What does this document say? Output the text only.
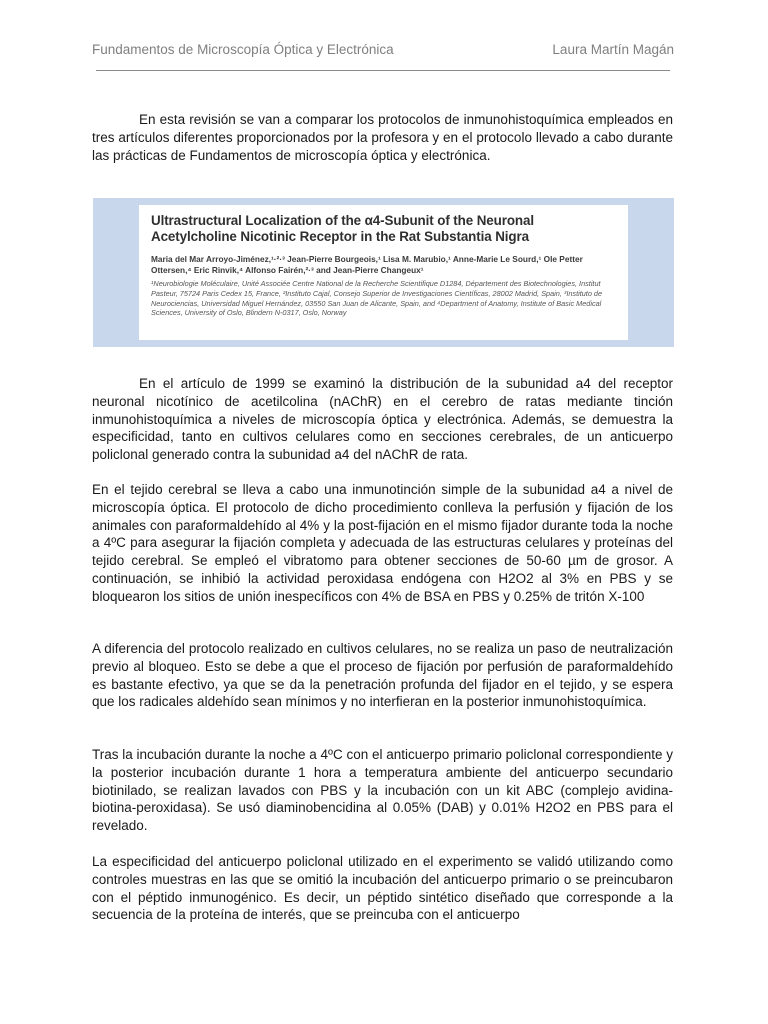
Fundamentos de Microscopía Óptica y Electrónica	Laura Martín Magán

En esta revisión se van a comparar los protocolos de inmunohistoquímica empleados en tres artículos diferentes proporcionados por la profesora y en el protocolo llevado a cabo durante las prácticas de Fundamentos de microscopía óptica y electrónica.

Ultrastructural Localization of the α4-Subunit of the Neuronal Acetylcholine Nicotinic Receptor in the Rat Substantia Nigra

Maria del Mar Arroyo-Jiménez,¹·²·³ Jean-Pierre Bourgeois,¹ Lisa M. Marubio,¹ Anne-Marie Le Sourd,¹ Ole Petter Ottersen,⁴ Eric Rinvik,⁴ Alfonso Fairén,²·³ and Jean-Pierre Changeux¹

¹Neurobiologie Moléculaire, Unité Associée Centre National de la Recherche Scientifique D1284, Département des Biotechnologies, Institut Pasteur, 75724 Paris Cedex 15, France, ²Instituto Cajal, Consejo Superior de Investigaciones Científicas, 28002 Madrid, Spain, ³Instituto de Neurociencias, Universidad Miguel Hernández, 03550 San Juan de Alicante, Spain, and ⁴Department of Anatomy, Institute of Basic Medical Sciences, University of Oslo, Blindern N-0317, Oslo, Norway

En el artículo de 1999 se examinó la distribución de la subunidad a4 del receptor neuronal nicotínico de acetilcolina (nAChR) en el cerebro de ratas mediante tinción inmunohistoquímica a niveles de microscopía óptica y electrónica. Además, se demuestra la especificidad, tanto en cultivos celulares como en secciones cerebrales, de un anticuerpo policlonal generado contra la subunidad a4 del nAChR de rata.

En el tejido cerebral se lleva a cabo una inmunotinción simple de la subunidad a4 a nivel de microscopía óptica. El protocolo de dicho procedimiento conlleva la perfusión y fijación de los animales con paraformaldehído al 4% y la post-fijación en el mismo fijador durante toda la noche a 4ºC para asegurar la fijación completa y adecuada de las estructuras celulares y proteínas del tejido cerebral. Se empleó el vibratomo para obtener secciones de 50-60 µm de grosor. A continuación, se inhibió la actividad peroxidasa endógena con H2O2 al 3% en PBS y se bloquearon los sitios de unión inespecíficos con 4% de BSA en PBS y 0.25% de tritón X-100

A diferencia del protocolo realizado en cultivos celulares, no se realiza un paso de neutralización previo al bloqueo. Esto se debe a que el proceso de fijación por perfusión de paraformaldehído es bastante efectivo, ya que se da la penetración profunda del fijador en el tejido, y se espera que los radicales aldehído sean mínimos y no interfieran en la posterior inmunohistoquímica.

Tras la incubación durante la noche a 4ºC con el anticuerpo primario policlonal correspondiente y la posterior incubación durante 1 hora a temperatura ambiente del anticuerpo secundario biotinilado, se realizan lavados con PBS y la incubación con un kit ABC (complejo avidina-biotina-peroxidasa). Se usó diaminobencidina al 0.05% (DAB) y 0.01% H2O2 en PBS para el revelado.

La especificidad del anticuerpo policlonal utilizado en el experimento se validó utilizando como controles muestras en las que se omitió la incubación del anticuerpo primario o se preincubaron con el péptido inmunogénico. Es decir, un péptido sintético diseñado que corresponde a la secuencia de la proteína de interés, que se preincuba con el anticuerpo
